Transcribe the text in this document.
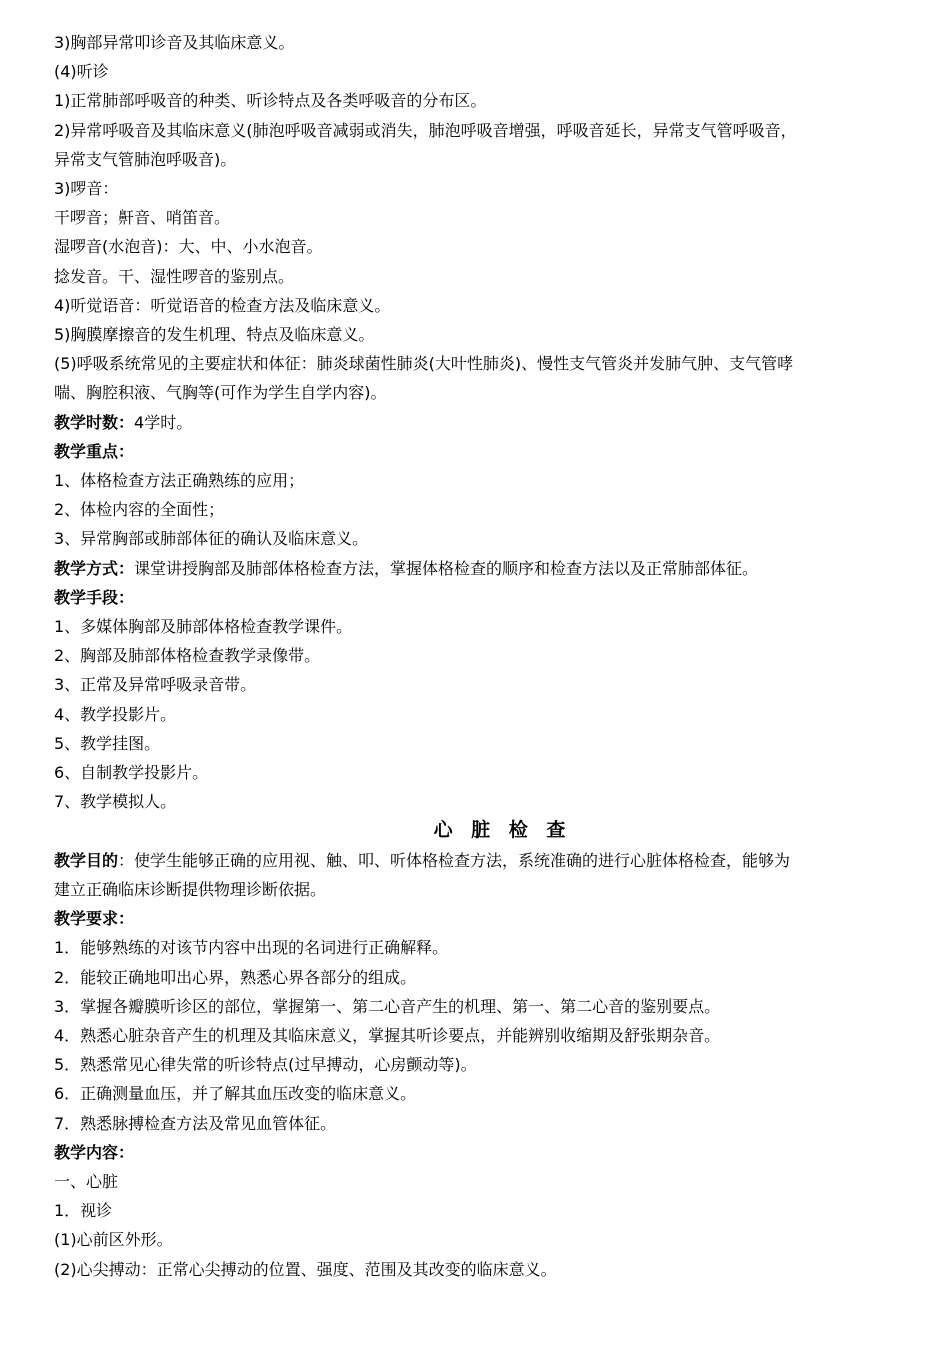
3)胸部异常叩诊音及其临床意义。
(4)听诊
1)正常肺部呼吸音的种类、听诊特点及各类呼吸音的分布区。
2)异常呼吸音及其临床意义(肺泡呼吸音减弱或消失，肺泡呼吸音增强，呼吸音延长，异常支气管呼吸音，
异常支气管肺泡呼吸音)。
3)啰音：
干啰音；鼾音、哨笛音。
湿啰音(水泡音)：大、中、小水泡音。
捻发音。干、湿性啰音的鉴别点。
4)听觉语音：听觉语音的检查方法及临床意义。
5)胸膜摩擦音的发生机理、特点及临床意义。
(5)呼吸系统常见的主要症状和体征：肺炎球菌性肺炎(大叶性肺炎)、慢性支气管炎并发肺气肿、支气管哮
喘、胸腔积液、气胸等(可作为学生自学内容)。
教学时数：4学时。
教学重点：
1、体格检查方法正确熟练的应用；
2、体检内容的全面性；
3、异常胸部或肺部体征的确认及临床意义。
教学方式：课堂讲授胸部及肺部体格检查方法，掌握体格检查的顺序和检查方法以及正常肺部体征。
教学手段：
1、多媒体胸部及肺部体格检查教学课件。
2、胸部及肺部体格检查教学录像带。
3、正常及异常呼吸录音带。
4、教学投影片。
5、教学挂图。
6、自制教学投影片。
7、教学模拟人。
心 脏 检 查
教学目的：使学生能够正确的应用视、触、叩、听体格检查方法，系统准确的进行心脏体格检查，能够为
建立正确临床诊断提供物理诊断依据。
教学要求：
1．能够熟练的对该节内容中出现的名词进行正确解释。
2．能较正确地叩出心界，熟悉心界各部分的组成。
3．掌握各瓣膜听诊区的部位，掌握第一、第二心音产生的机理、第一、第二心音的鉴别要点。
4．熟悉心脏杂音产生的机理及其临床意义，掌握其听诊要点，并能辨别收缩期及舒张期杂音。
5．熟悉常见心律失常的听诊特点(过早搏动，心房颤动等)。
6．正确测量血压，并了解其血压改变的临床意义。
7．熟悉脉搏检查方法及常见血管体征。
教学内容：
一、心脏
1．视诊
(1)心前区外形。
(2)心尖搏动：正常心尖搏动的位置、强度、范围及其改变的临床意义。
